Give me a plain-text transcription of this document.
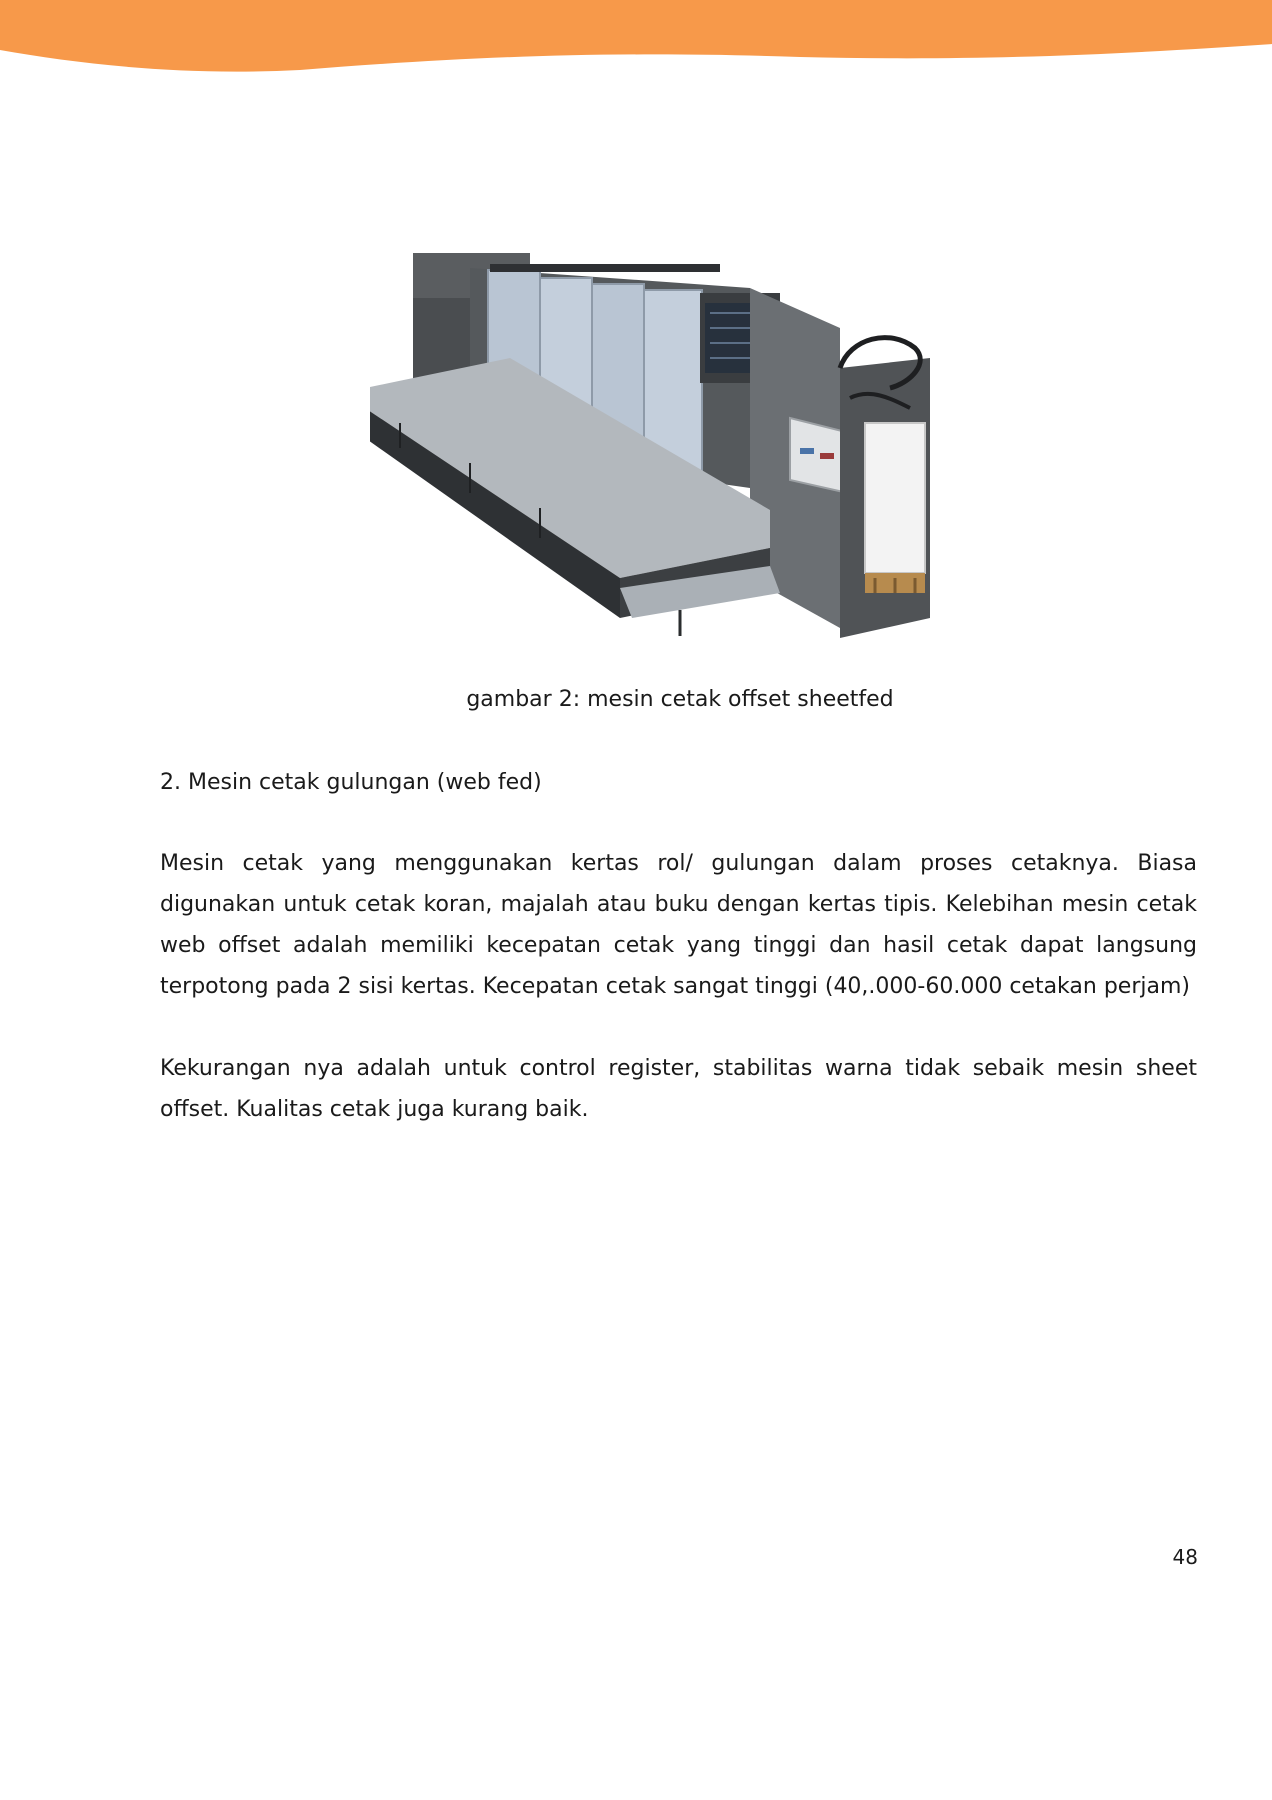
gambar 2: mesin cetak offset sheetfed
2. Mesin cetak gulungan (web fed)

Mesin cetak yang menggunakan kertas rol/ gulungan dalam proses cetaknya. Biasa digunakan untuk cetak koran, majalah atau buku dengan kertas tipis. Kelebihan mesin cetak web offset adalah memiliki kecepatan cetak yang tinggi dan hasil cetak dapat langsung terpotong pada 2 sisi kertas. Kecepatan cetak sangat tinggi (40,.000-60.000 cetakan perjam)

Kekurangan nya adalah untuk control register, stabilitas warna tidak sebaik mesin sheet offset. Kualitas cetak juga kurang baik.

48
